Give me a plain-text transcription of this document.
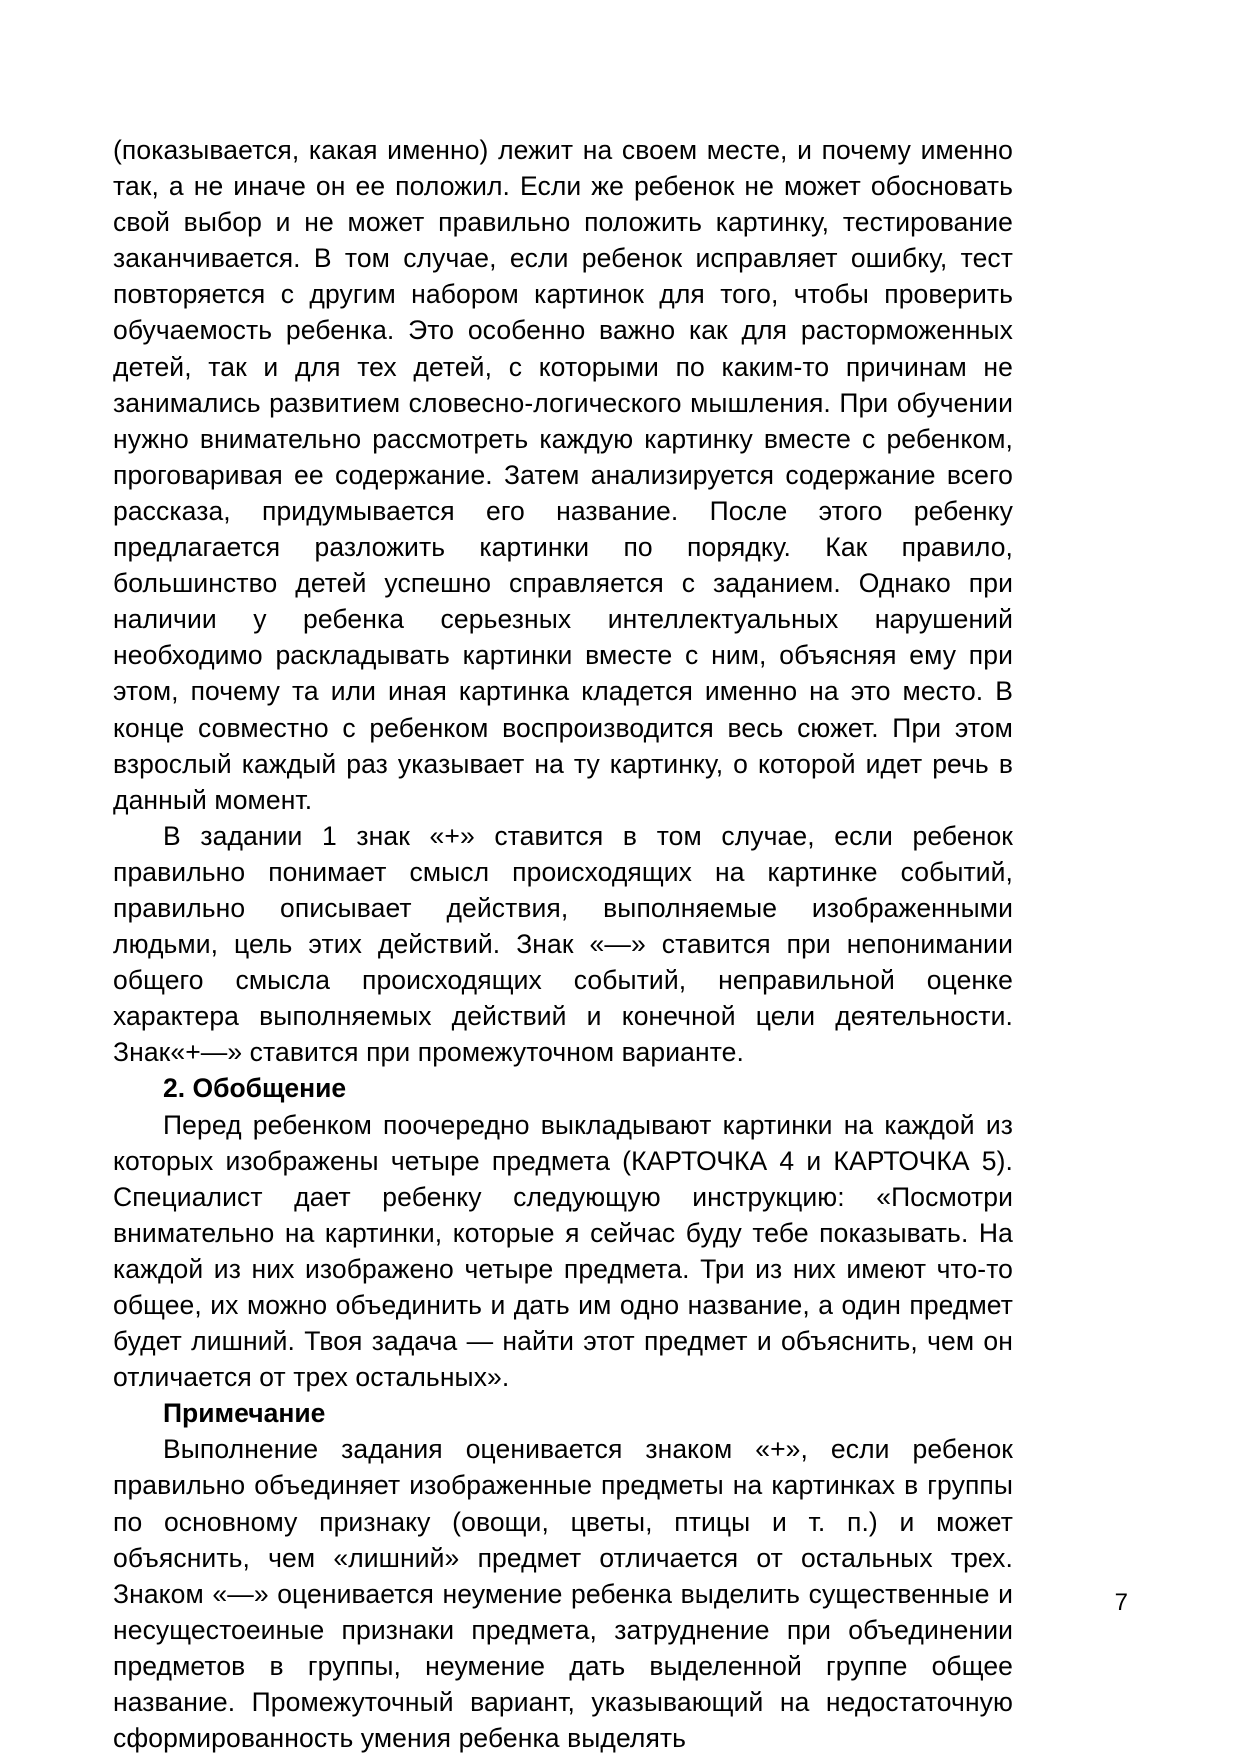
(показывается, какая именно) лежит на своем месте, и почему именно так, а не иначе он ее положил. Если же ребенок не может обосновать свой выбор и не может правильно положить картинку, тестирование заканчивается. В том случае, если ребенок исправляет ошибку, тест повторяется с другим набором картинок для того, чтобы проверить обучаемость ребенка. Это особенно важно как для расторможенных детей, так и для тех детей, с которыми по каким-то причинам не занимались развитием словесно-логического мышления. При обучении нужно внимательно рассмотреть каждую картинку вместе с ребенком, проговаривая ее содержание. Затем анализируется содержание всего рассказа, придумывается его название. После этого ребенку предлагается разложить картинки по порядку. Как правило, большинство детей успешно справляется с заданием. Однако при наличии у ребенка серьезных интеллектуальных нарушений необходимо раскладывать картинки вместе с ним, объясняя ему при этом, почему та или иная картинка кладется именно на это место. В конце совместно с ребенком воспроизводится весь сюжет. При этом взрослый каждый раз указывает на ту картинку, о которой идет речь в данный момент.

В задании 1 знак «+» ставится в том случае, если ребенок правильно понимает смысл происходящих на картинке событий, правильно описывает действия, выполняемые изображенными людьми, цель этих действий. Знак «—» ставится при непонимании общего смысла происходящих событий, неправильной оценке характера выполняемых действий и конечной цели деятельности. Знак«+—» ставится при промежуточном варианте.

2. Обобщение

Перед ребенком поочередно выкладывают картинки на каждой из которых изображены четыре предмета (КАРТОЧКА 4 и КАРТОЧКА 5). Специалист дает ребенку следующую инструкцию: «Посмотри внимательно на картинки, которые я сейчас буду тебе показывать. На каждой из них изображено четыре предмета. Три из них имеют что-то общее, их можно объединить и дать им одно название, а один предмет будет лишний. Твоя задача — найти этот предмет и объяснить, чем он отличается от трех остальных».

Примечание

Выполнение задания оценивается знаком «+», если ребенок правильно объединяет изображенные предметы на картинках в группы по основному признаку (овощи, цветы, птицы и т. п.) и может объяснить, чем «лишний» предмет отличается от остальных трех. Знаком «—» оценивается неумение ребенка выделить существенные и несущестоеиные признаки предмета, затруднение при объединении предметов в группы, неумение дать выделенной группе общее название. Промежуточный вариант, указывающий на недостаточную сформированность умения ребенка выделять

7
